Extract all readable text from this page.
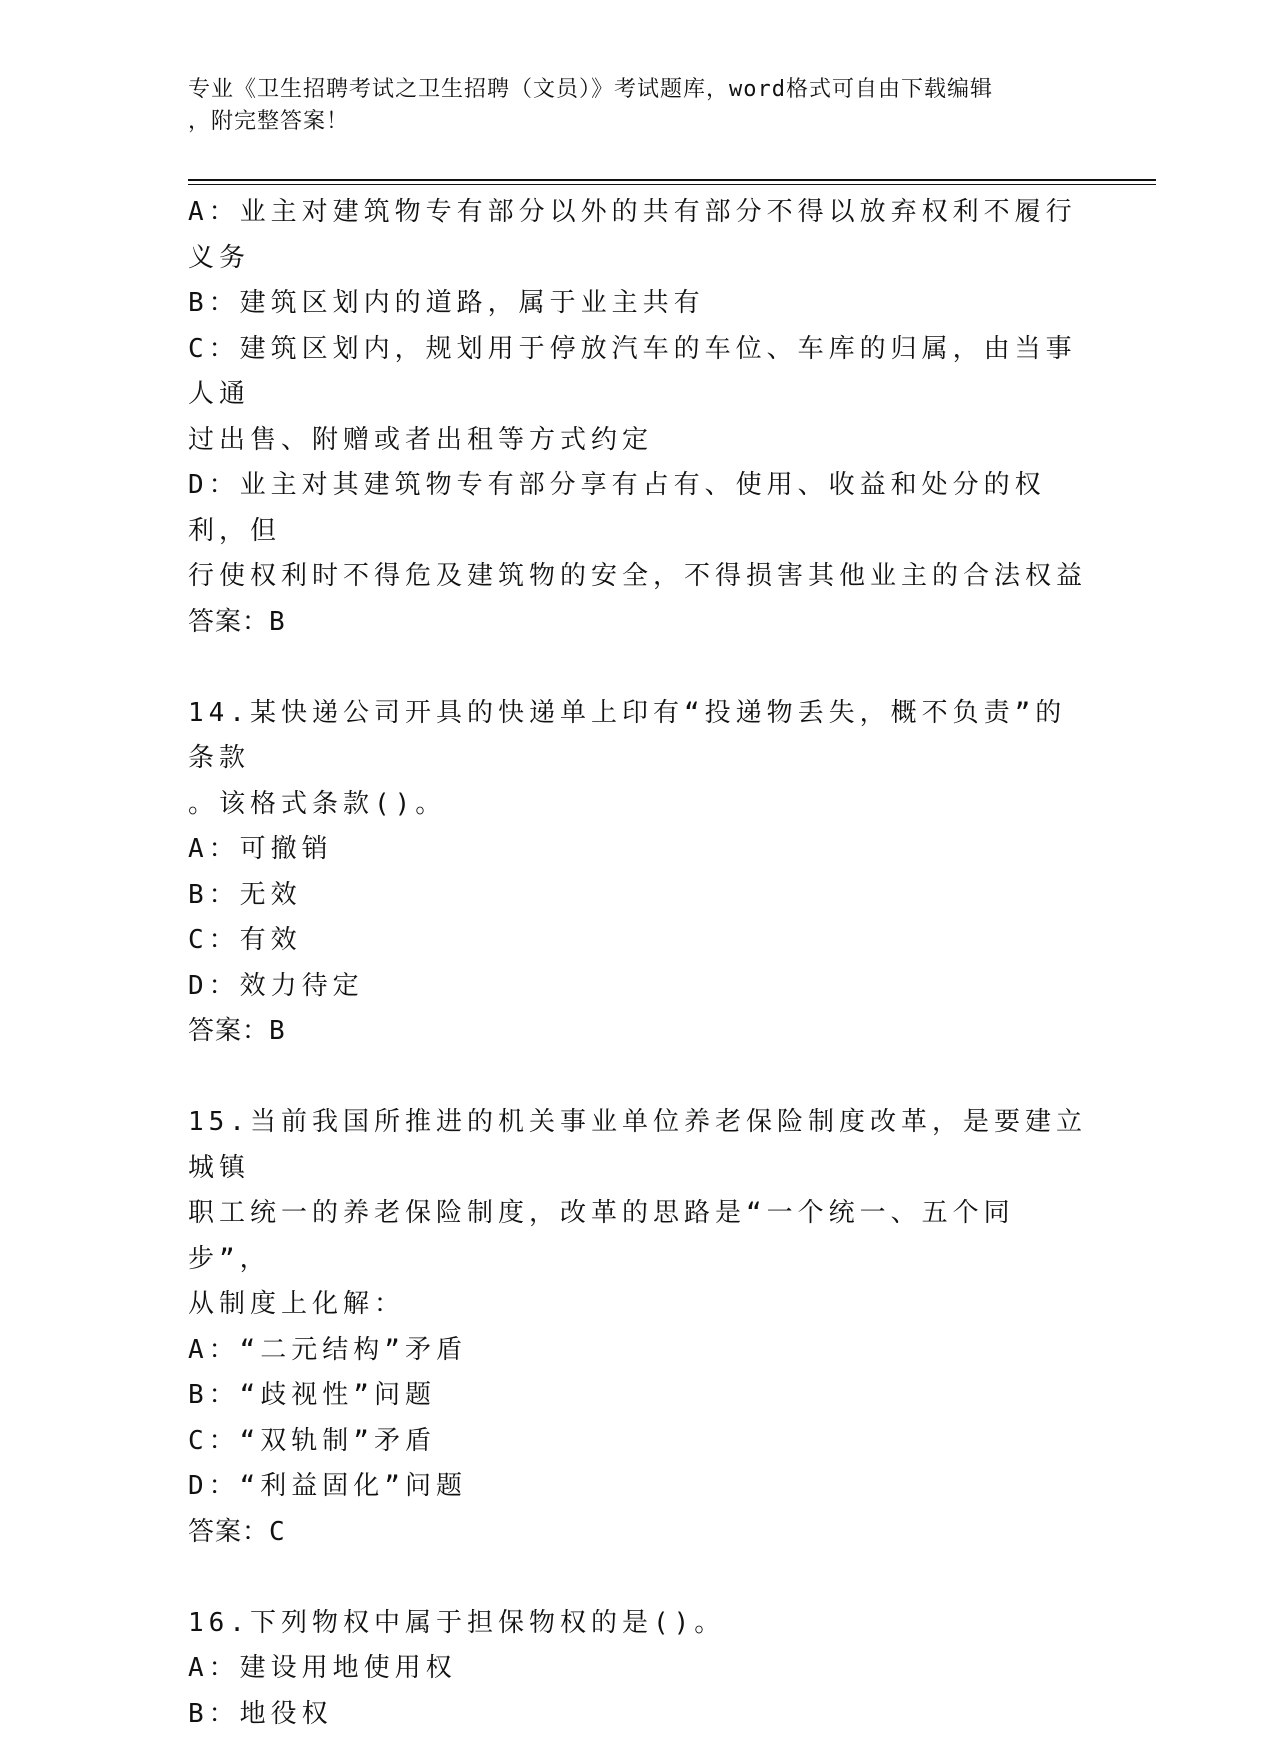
专业《卫生招聘考试之卫生招聘（文员）》考试题库，word格式可自由下载编辑
，附完整答案！
A：业主对建筑物专有部分以外的共有部分不得以放弃权利不履行义务
B：建筑区划内的道路，属于业主共有
C：建筑区划内，规划用于停放汽车的车位、车库的归属，由当事人通
过出售、附赠或者出租等方式约定
D：业主对其建筑物专有部分享有占有、使用、收益和处分的权利，但
行使权利时不得危及建筑物的安全，不得损害其他业主的合法权益
答案：B
14.某快递公司开具的快递单上印有“投递物丢失，概不负责”的条款
。该格式条款()。
A：可撤销
B：无效
C：有效
D：效力待定
答案：B
15.当前我国所推进的机关事业单位养老保险制度改革，是要建立城镇
职工统一的养老保险制度，改革的思路是“一个统一、五个同步”，
从制度上化解：
A：“二元结构”矛盾
B：“歧视性”问题
C：“双轨制”矛盾
D：“利益固化”问题
答案：C
16.下列物权中属于担保物权的是()。
A：建设用地使用权
B：地役权
